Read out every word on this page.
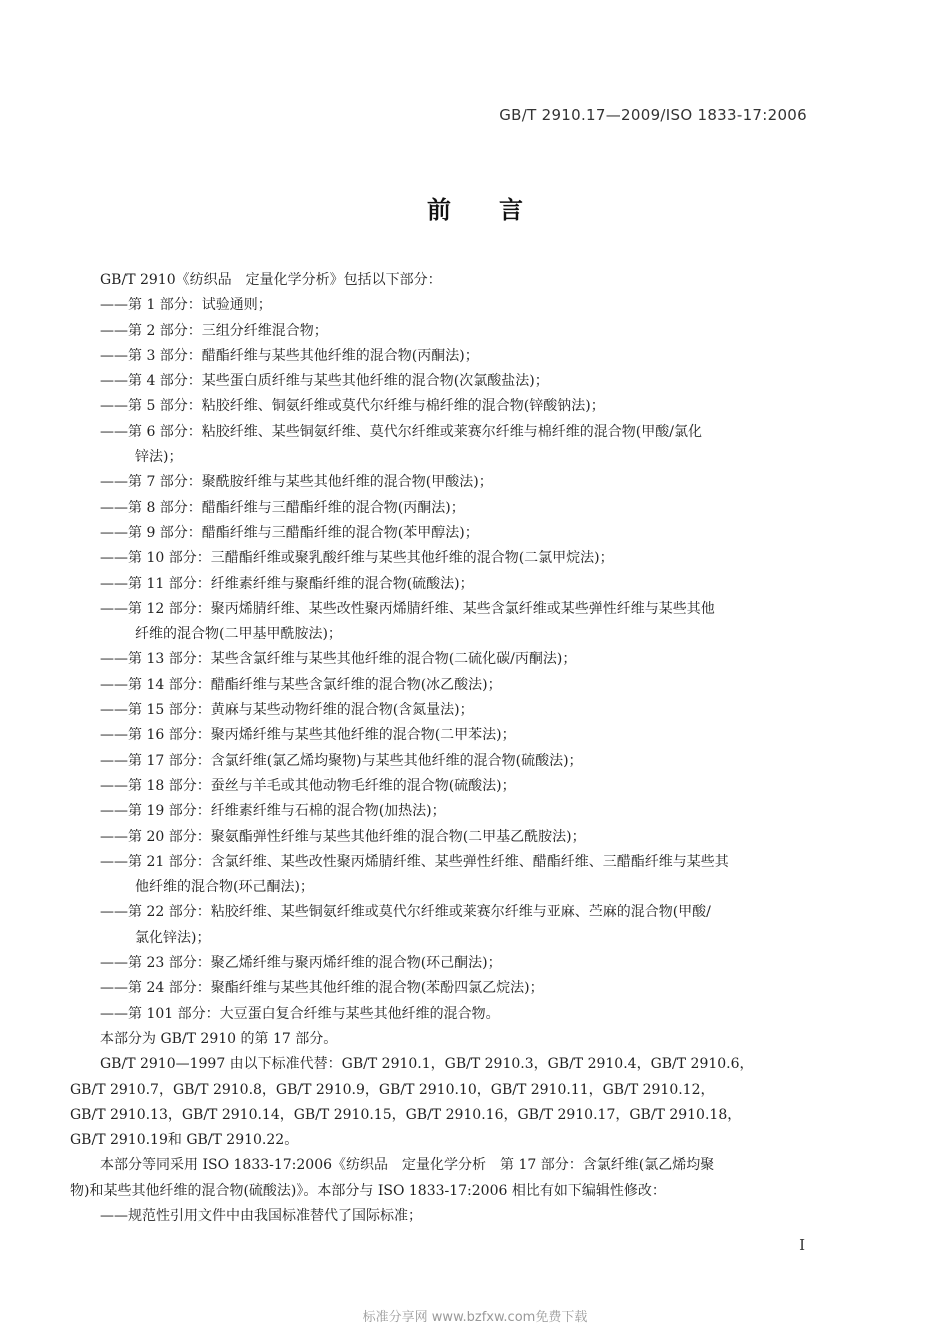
GB/T 2910.17—2009/ISO 1833-17:2006
前 言
GB/T 2910《纺织品　定量化学分析》包括以下部分：
——第 1 部分：试验通则；
——第 2 部分：三组分纤维混合物；
——第 3 部分：醋酯纤维与某些其他纤维的混合物(丙酮法)；
——第 4 部分：某些蛋白质纤维与某些其他纤维的混合物(次氯酸盐法)；
——第 5 部分：粘胶纤维、铜氨纤维或莫代尔纤维与棉纤维的混合物(锌酸钠法)；
——第 6 部分：粘胶纤维、某些铜氨纤维、莫代尔纤维或莱赛尔纤维与棉纤维的混合物(甲酸/氯化
锌法)；
——第 7 部分：聚酰胺纤维与某些其他纤维的混合物(甲酸法)；
——第 8 部分：醋酯纤维与三醋酯纤维的混合物(丙酮法)；
——第 9 部分：醋酯纤维与三醋酯纤维的混合物(苯甲醇法)；
——第 10 部分：三醋酯纤维或聚乳酸纤维与某些其他纤维的混合物(二氯甲烷法)；
——第 11 部分：纤维素纤维与聚酯纤维的混合物(硫酸法)；
——第 12 部分：聚丙烯腈纤维、某些改性聚丙烯腈纤维、某些含氯纤维或某些弹性纤维与某些其他
纤维的混合物(二甲基甲酰胺法)；
——第 13 部分：某些含氯纤维与某些其他纤维的混合物(二硫化碳/丙酮法)；
——第 14 部分：醋酯纤维与某些含氯纤维的混合物(冰乙酸法)；
——第 15 部分：黄麻与某些动物纤维的混合物(含氮量法)；
——第 16 部分：聚丙烯纤维与某些其他纤维的混合物(二甲苯法)；
——第 17 部分：含氯纤维(氯乙烯均聚物)与某些其他纤维的混合物(硫酸法)；
——第 18 部分：蚕丝与羊毛或其他动物毛纤维的混合物(硫酸法)；
——第 19 部分：纤维素纤维与石棉的混合物(加热法)；
——第 20 部分：聚氨酯弹性纤维与某些其他纤维的混合物(二甲基乙酰胺法)；
——第 21 部分：含氯纤维、某些改性聚丙烯腈纤维、某些弹性纤维、醋酯纤维、三醋酯纤维与某些其
他纤维的混合物(环己酮法)；
——第 22 部分：粘胶纤维、某些铜氨纤维或莫代尔纤维或莱赛尔纤维与亚麻、苎麻的混合物(甲酸/
氯化锌法)；
——第 23 部分：聚乙烯纤维与聚丙烯纤维的混合物(环己酮法)；
——第 24 部分：聚酯纤维与某些其他纤维的混合物(苯酚四氯乙烷法)；
——第 101 部分：大豆蛋白复合纤维与某些其他纤维的混合物。
本部分为 GB/T 2910 的第 17 部分。
GB/T 2910—1997 由以下标准代替：GB/T 2910.1，GB/T 2910.3，GB/T 2910.4，GB/T 2910.6，
GB/T 2910.7，GB/T 2910.8，GB/T 2910.9，GB/T 2910.10，GB/T 2910.11，GB/T 2910.12，
GB/T 2910.13，GB/T 2910.14，GB/T 2910.15，GB/T 2910.16，GB/T 2910.17，GB/T 2910.18，
GB/T 2910.19和 GB/T 2910.22。
本部分等同采用 ISO 1833-17:2006《纺织品　定量化学分析　第 17 部分：含氯纤维(氯乙烯均聚
物)和某些其他纤维的混合物(硫酸法)》。本部分与 ISO 1833-17:2006 相比有如下编辑性修改：
——规范性引用文件中由我国标准替代了国际标准；
I
标准分享网 www.bzfxw.com免费下载
